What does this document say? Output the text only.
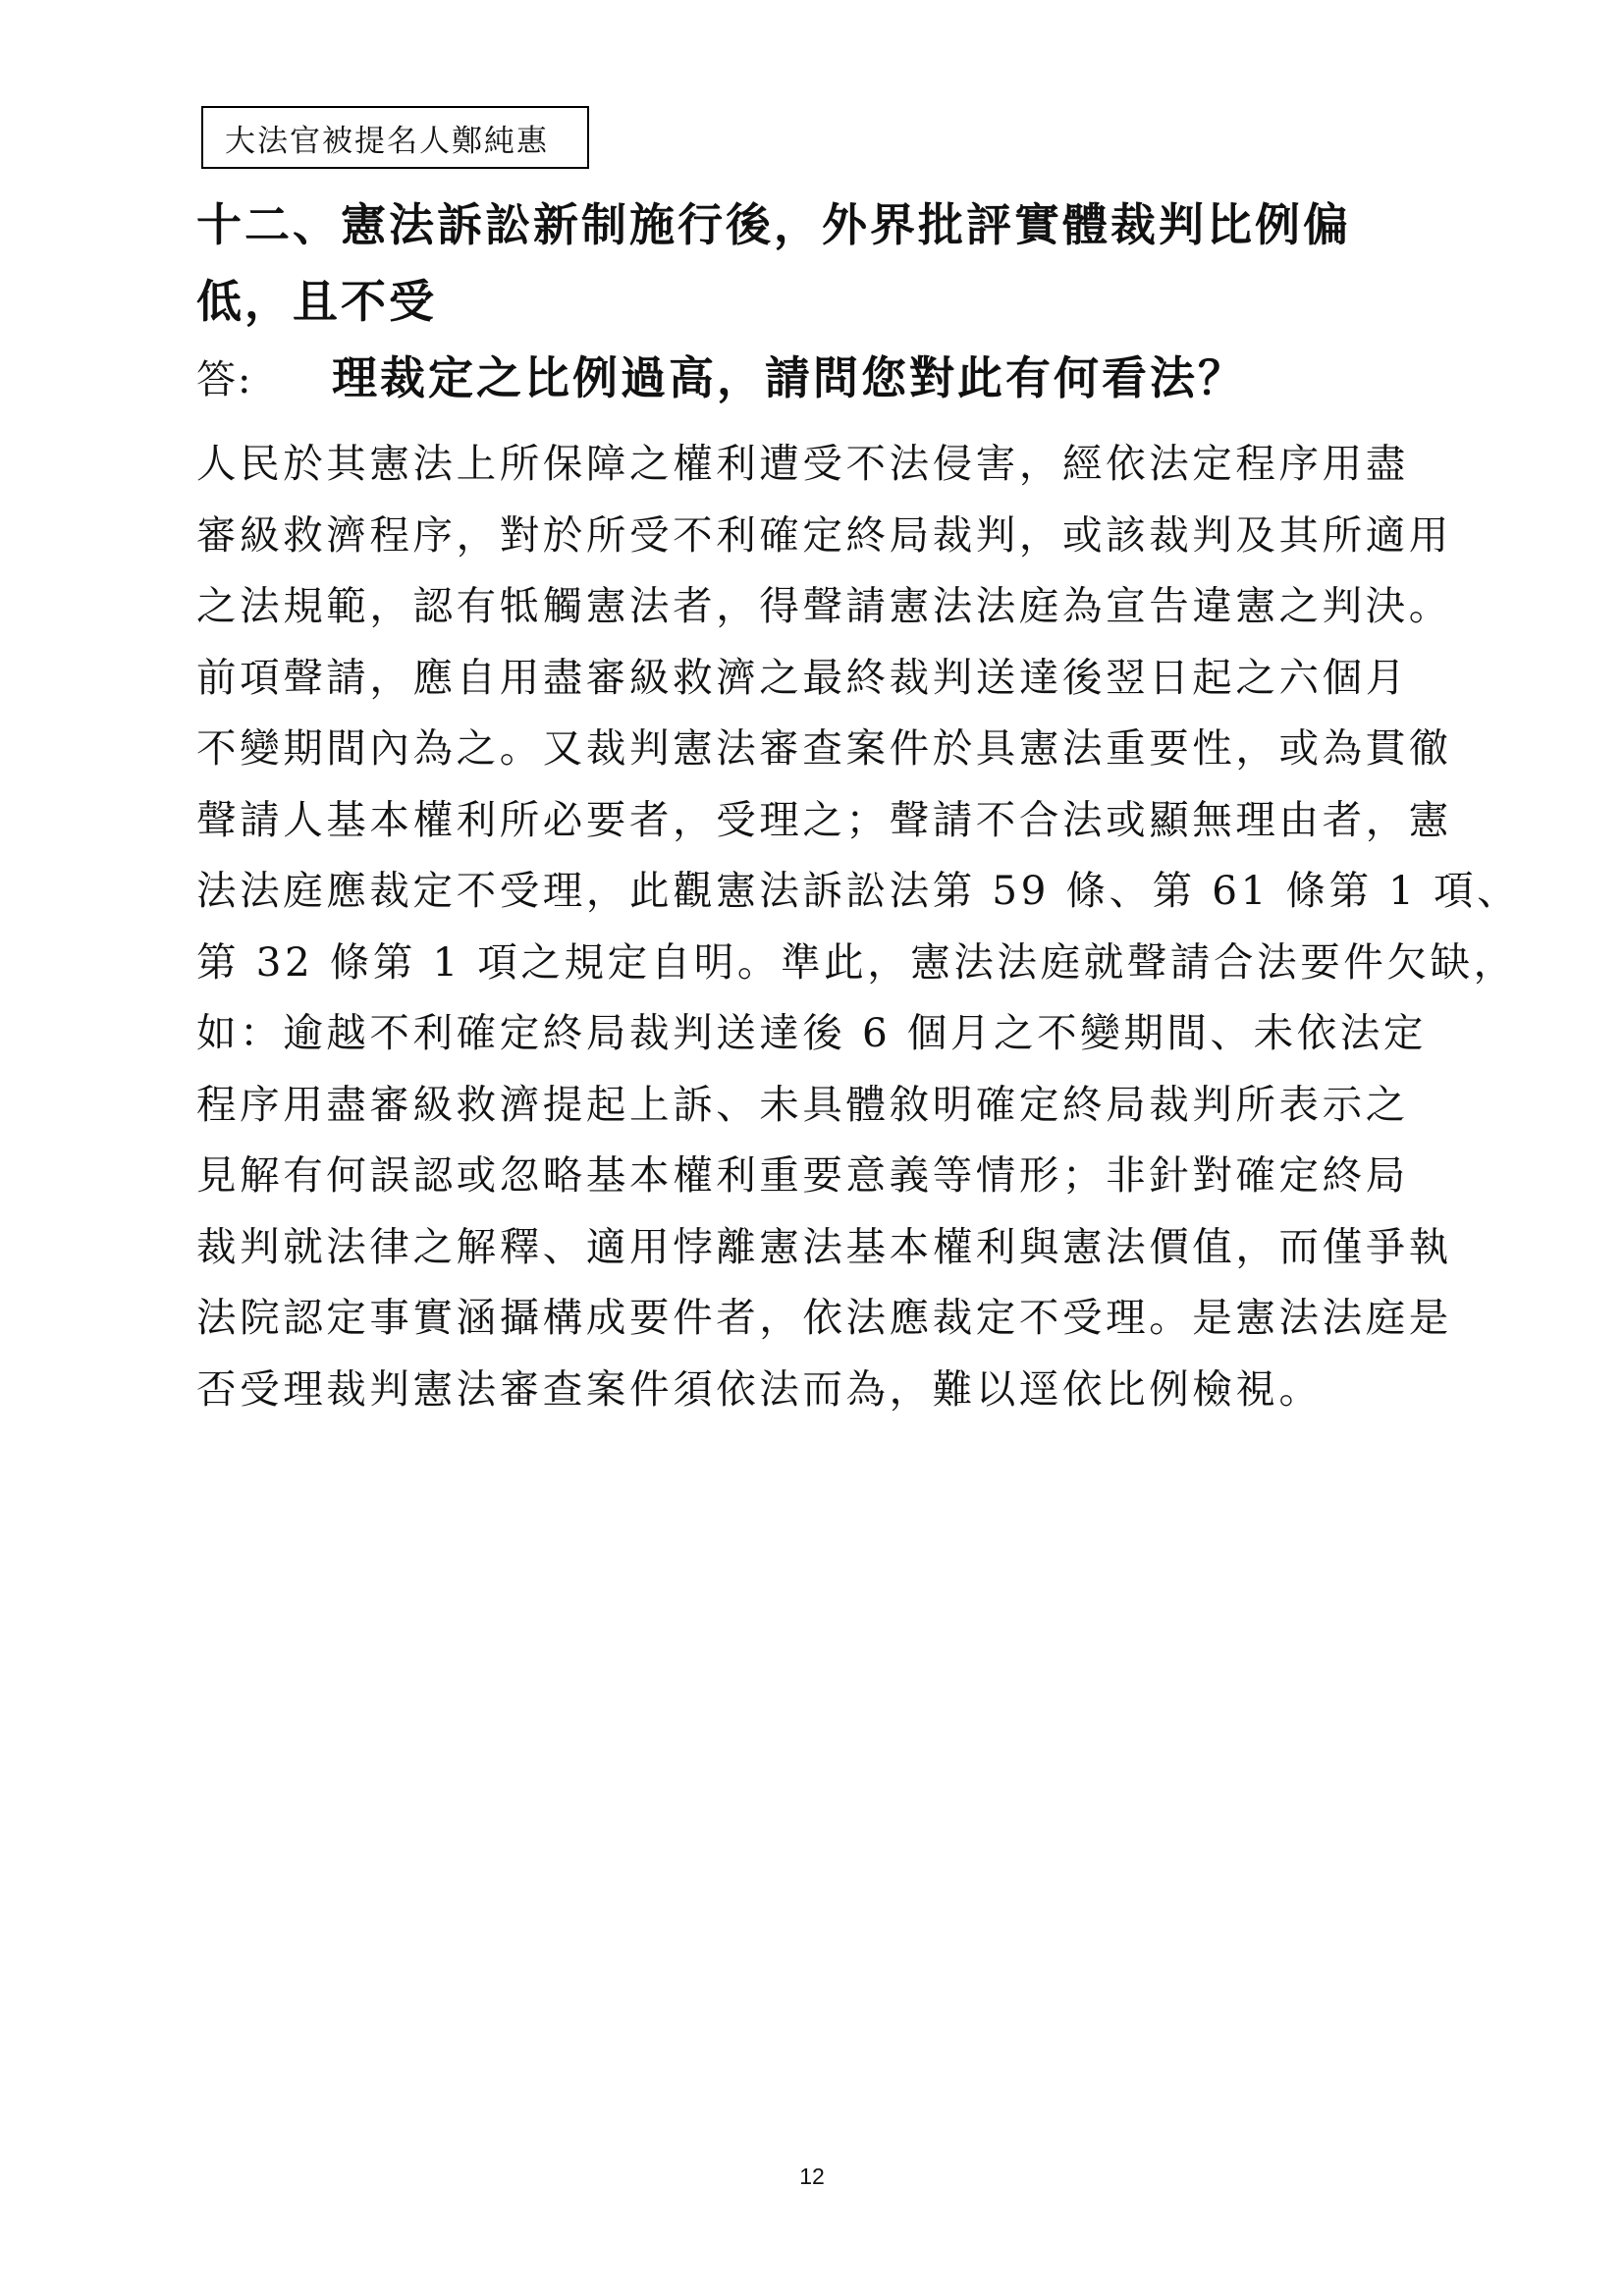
大法官被提名人鄭純惠
十二、憲法訴訟新制施行後，外界批評實體裁判比例偏低，且不受
理裁定之比例過高，請問您對此有何看法？
答:
人民於其憲法上所保障之權利遭受不法侵害，經依法定程序用盡
審級救濟程序，對於所受不利確定終局裁判，或該裁判及其所適用
之法規範，認有牴觸憲法者，得聲請憲法法庭為宣告違憲之判決。
前項聲請，應自用盡審級救濟之最終裁判送達後翌日起之六個月
不變期間內為之。又裁判憲法審查案件於具憲法重要性，或為貫徹
聲請人基本權利所必要者，受理之；聲請不合法或顯無理由者，憲
法法庭應裁定不受理，此觀憲法訴訟法第 59 條、第 61 條第 1 項、
第 32 條第 1 項之規定自明。準此，憲法法庭就聲請合法要件欠缺，
如：逾越不利確定終局裁判送達後 6 個月之不變期間、未依法定
程序用盡審級救濟提起上訴、未具體敘明確定終局裁判所表示之
見解有何誤認或忽略基本權利重要意義等情形；非針對確定終局
裁判就法律之解釋、適用悖離憲法基本權利與憲法價值，而僅爭執
法院認定事實涵攝構成要件者，依法應裁定不受理。是憲法法庭是
否受理裁判憲法審查案件須依法而為，難以逕依比例檢視。
12
